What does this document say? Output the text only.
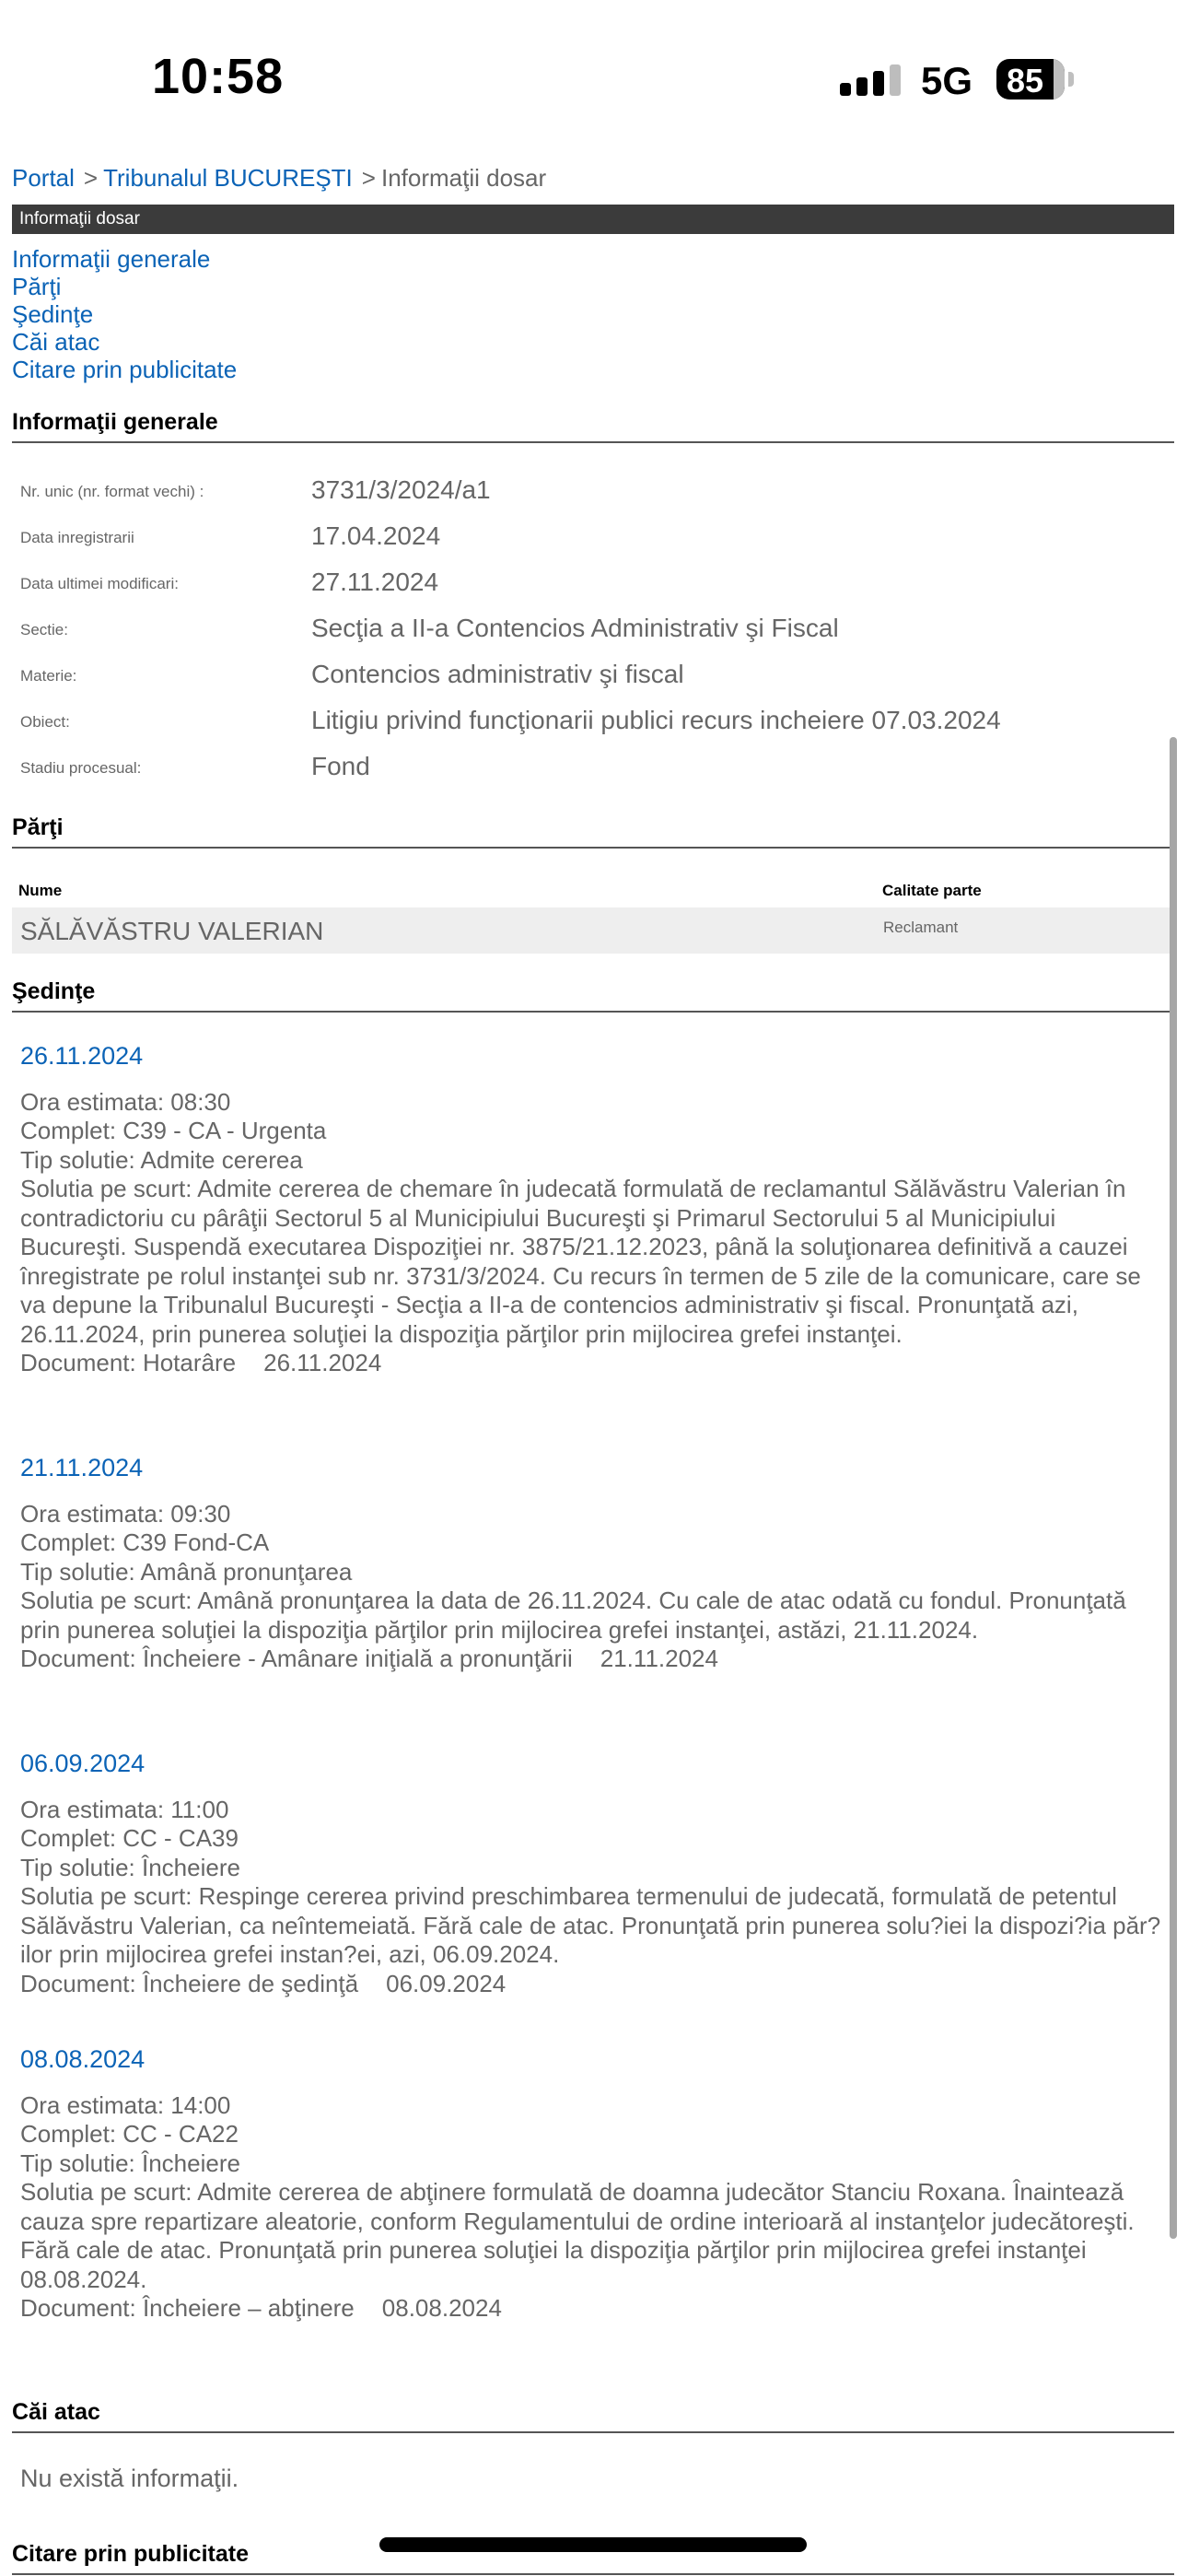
10:58	5G	85
Portal > Tribunalul BUCUREŞTI > Informaţii dosar
Informaţii dosar
Informaţii generale
Părţi
Şedinţe
Căi atac
Citare prin publicitate
Informaţii generale
Nr. unic (nr. format vechi) :	3731/3/2024/a1
Data inregistrarii	17.04.2024
Data ultimei modificari:	27.11.2024
Sectie:	Secţia a II-a Contencios Administrativ şi Fiscal
Materie:	Contencios administrativ şi fiscal
Obiect:	Litigiu privind funcţionarii publici recurs incheiere 07.03.2024
Stadiu procesual:	Fond
Părţi
Nume	Calitate parte
SĂLĂVĂSTRU VALERIAN	Reclamant
Şedinţe
26.11.2024
Ora estimata: 08:30
Complet: C39 - CA - Urgenta
Tip solutie: Admite cererea
Solutia pe scurt: Admite cererea de chemare în judecată formulată de reclamantul Sălăvăstru Valerian în contradictoriu cu pârâţii Sectorul 5 al Municipiului Bucureşti şi Primarul Sectorului 5 al Municipiului Bucureşti. Suspendă executarea Dispoziţiei nr. 3875/21.12.2023, până la soluţionarea definitivă a cauzei înregistrate pe rolul instanţei sub nr. 3731/3/2024. Cu recurs în termen de 5 zile de la comunicare, care se va depune la Tribunalul Bucureşti - Secţia a II-a de contencios administrativ şi fiscal. Pronunţată azi, 26.11.2024, prin punerea soluţiei la dispoziţia părţilor prin mijlocirea grefei instanţei.
Document: Hotarâre 26.11.2024
21.11.2024
Ora estimata: 09:30
Complet: C39 Fond-CA
Tip solutie: Amână pronunţarea
Solutia pe scurt: Amână pronunţarea la data de 26.11.2024. Cu cale de atac odată cu fondul. Pronunţată prin punerea soluţiei la dispoziţia părţilor prin mijlocirea grefei instanţei, astăzi, 21.11.2024.
Document: Încheiere - Amânare iniţială a pronunţării 21.11.2024
06.09.2024
Ora estimata: 11:00
Complet: CC - CA39
Tip solutie: Încheiere
Solutia pe scurt: Respinge cererea privind preschimbarea termenului de judecată, formulată de petentul Sălăvăstru Valerian, ca neîntemeiată. Fără cale de atac. Pronunţată prin punerea solu?iei la dispozi?ia păr?ilor prin mijlocirea grefei instan?ei, azi, 06.09.2024.
Document: Încheiere de şedinţă 06.09.2024
08.08.2024
Ora estimata: 14:00
Complet: CC - CA22
Tip solutie: Încheiere
Solutia pe scurt: Admite cererea de abţinere formulată de doamna judecător Stanciu Roxana. Înaintează cauza spre repartizare aleatorie, conform Regulamentului de ordine interioară al instanţelor judecătoreşti. Fără cale de atac. Pronunţată prin punerea soluţiei la dispoziţia părţilor prin mijlocirea grefei instanţei 08.08.2024.
Document: Încheiere – abţinere 08.08.2024
Căi atac
Nu există informaţii.
Citare prin publicitate
